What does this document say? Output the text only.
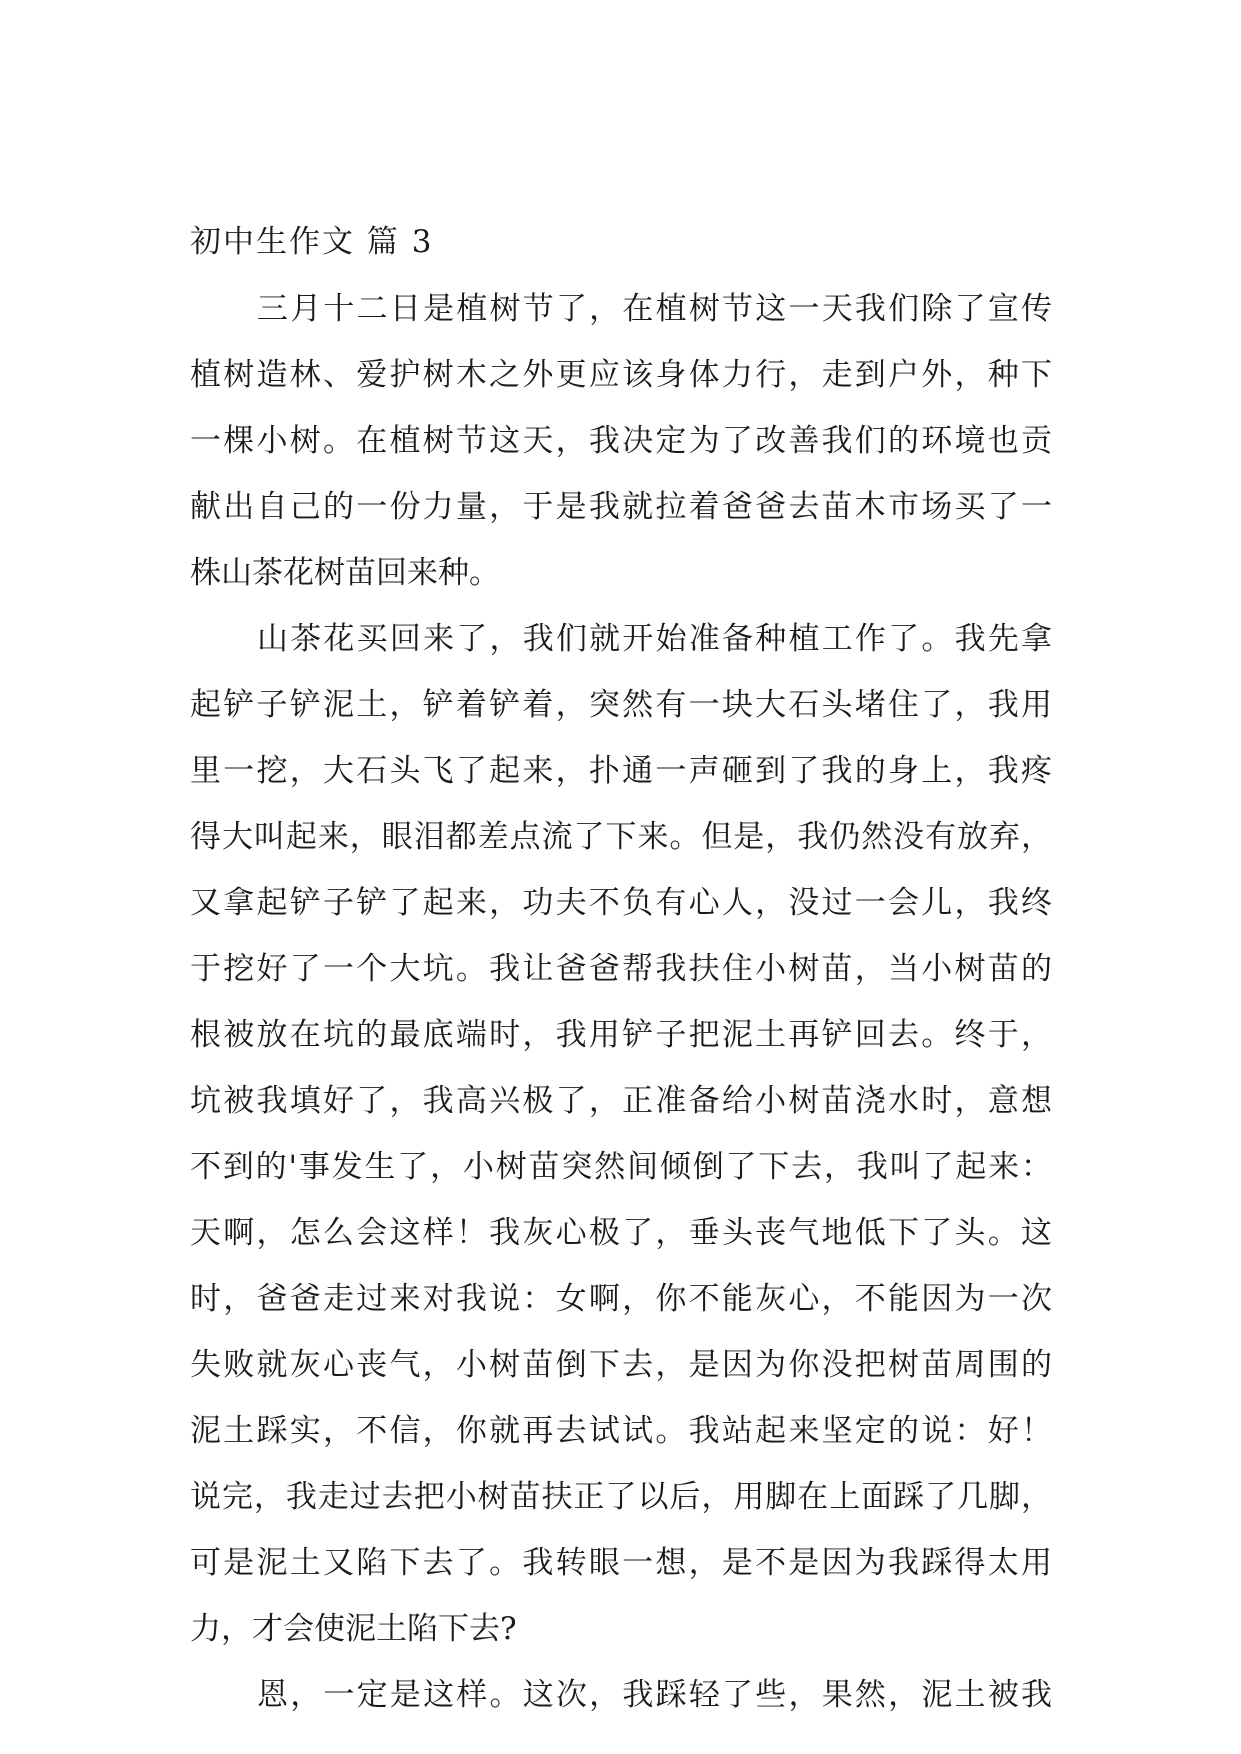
初中生作文 篇 3
三月十二日是植树节了，在植树节这一天我们除了宣传
植树造林、爱护树木之外更应该身体力行，走到户外，种下
一棵小树。在植树节这天，我决定为了改善我们的环境也贡
献出自己的一份力量，于是我就拉着爸爸去苗木市场买了一
株山茶花树苗回来种。
山茶花买回来了，我们就开始准备种植工作了。我先拿
起铲子铲泥土，铲着铲着，突然有一块大石头堵住了，我用
里一挖，大石头飞了起来，扑通一声砸到了我的身上，我疼
得大叫起来，眼泪都差点流了下来。但是，我仍然没有放弃，
又拿起铲子铲了起来，功夫不负有心人，没过一会儿，我终
于挖好了一个大坑。我让爸爸帮我扶住小树苗，当小树苗的
根被放在坑的最底端时，我用铲子把泥土再铲回去。终于，
坑被我填好了，我高兴极了，正准备给小树苗浇水时，意想
不到的'事发生了，小树苗突然间倾倒了下去，我叫了起来：
天啊，怎么会这样！我灰心极了，垂头丧气地低下了头。这
时，爸爸走过来对我说：女啊，你不能灰心，不能因为一次
失败就灰心丧气，小树苗倒下去，是因为你没把树苗周围的
泥土踩实，不信，你就再去试试。我站起来坚定的说：好！
说完，我走过去把小树苗扶正了以后，用脚在上面踩了几脚，
可是泥土又陷下去了。我转眼一想，是不是因为我踩得太用
力，才会使泥土陷下去?
恩，一定是这样。这次，我踩轻了些，果然，泥土被我
